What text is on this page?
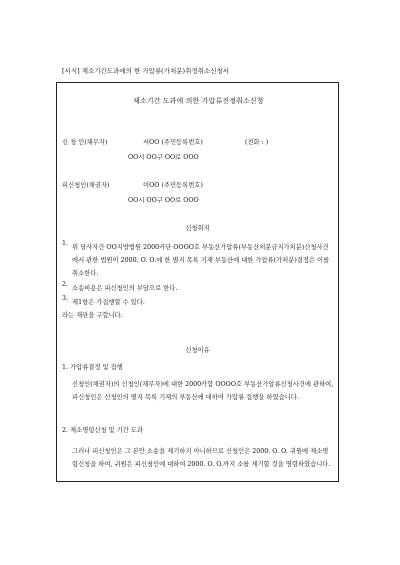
[서식] 제소기간도과에의 한 가압류(가처분)취정취소신청서
제소기간 도과에 의한 가압류진정취소신청
신 청 인(채무자)	서OO (주민등록번호)	(전화 : )
OO시 OO구 OO로 OOO
피신청인(채권자)	이OO (주민등록번호)
OO시 OO구 OO로 OOO
신청취지
1.
위 당사자간 OO지방법원 2000카단 OOOO호 부동산가압류(부동산처분금지가처분)신청사건에서 관한 법원이 2000. O. O.에 한 별지 목록 기재 부동산에 대한 가압류(가처분)결정은 이를 취소한다.
2.
소송비용은 피신청인의 부담으로 한다.
3.
제1항은 가집행할 수 있다.
라는 재판을 구합니다.
신청이유
1. 가압류결정 및 집행
신청인(채권자)의 신청인(채무자)에 대한 2000카합 OOOO호 부동산가압류신청사건에 관하여, 피신청인은 신청인의 별지 목록 기재의 부동산에 대하여 가압류 집행을 하였습니다.
2. 제소명령신청 및 기간 도과
그러나 피신청인은 그 본안 소송을 제기하지 아니하므로 신청인은 2000. O. O. 귀원에 제소명령신청을 하여, 귀원은 피신청인에 대하여 2000. O. O.까지 소를 제기할 것을 명령하였습니다.
